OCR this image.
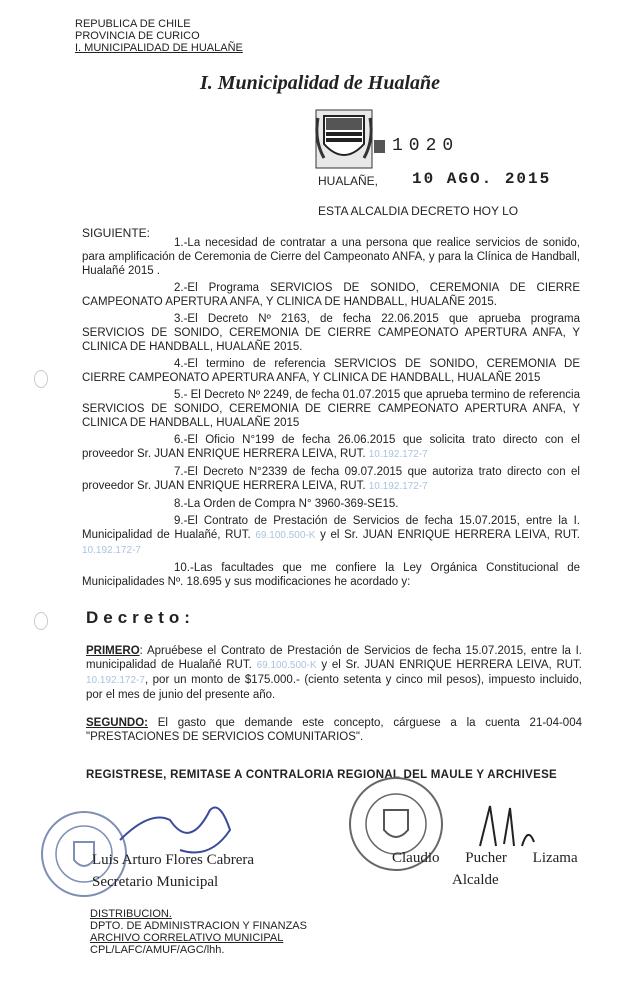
REPUBLICA DE CHILE
PROVINCIA DE CURICO
I. MUNICIPALIDAD DE HUALAÑE
I. Municipalidad de Hualañe
1020
HUALAÑE, 10 AGO. 2015
ESTA ALCALDIA DECRETO HOY LO
SIGUIENTE:

1.-La necesidad de contratar a una persona que realice servicios de sonido, para amplificación de Ceremonia de Cierre del Campeonato ANFA, y para la Clínica de Handball, Hualañé 2015 .

2.-El Programa SERVICIOS DE SONIDO, CEREMONIA DE CIERRE CAMPEONATO APERTURA ANFA, Y CLINICA DE HANDBALL, HUALAÑE 2015.

3.-El Decreto Nº 2163, de fecha 22.06.2015 que aprueba programa SERVICIOS DE SONIDO, CEREMONIA DE CIERRE CAMPEONATO APERTURA ANFA, Y CLINICA DE HANDBALL, HUALAÑE 2015.

4.-El termino de referencia SERVICIOS DE SONIDO, CEREMONIA DE CIERRE CAMPEONATO APERTURA ANFA, Y CLINICA DE HANDBALL, HUALAÑE 2015

5.- El Decreto Nº 2249, de fecha 01.07.2015 que aprueba termino de referencia SERVICIOS DE SONIDO, CEREMONIA DE CIERRE CAMPEONATO APERTURA ANFA, Y CLINICA DE HANDBALL, HUALAÑE 2015

6.-El Oficio N°199 de fecha 26.06.2015 que solicita trato directo con el proveedor Sr. JUAN ENRIQUE HERRERA LEIVA, RUT. 10.192.172-7

7.-El Decreto N°2339 de fecha 09.07.2015 que autoriza trato directo con el proveedor Sr. JUAN ENRIQUE HERRERA LEIVA, RUT. 10.192.172-7

8.-La Orden de Compra N° 3960-369-SE15.

9.-El Contrato de Prestación de Servicios de fecha 15.07.2015, entre la I. Municipalidad de Hualañé, RUT. 69.100.500-K y el Sr. JUAN ENRIQUE HERRERA LEIVA, RUT. 10.192.172-7

10.-Las facultades que me confiere la Ley Orgánica Constitucional de Municipalidades Nº. 18.695 y sus modificaciones he acordado y:

Decreto:
PRIMERO: Apruébese el Contrato de Prestación de Servicios de fecha 15.07.2015, entre la I. municipalidad de Hualañé RUT. 69.100.500-K y el Sr. JUAN ENRIQUE HERRERA LEIVA, RUT. 10.192.172-7, por un monto de $175.000.- (ciento setenta y cinco mil pesos), impuesto incluido, por el mes de junio del presente año.
SEGUNDO: El gasto que demande este concepto, cárguese a la cuenta 21-04-004 "PRESTACIONES DE SERVICIOS COMUNITARIOS".
REGISTRESE, REMITASE A CONTRALORIA REGIONAL DEL MAULE Y ARCHIVESE
Luis Arturo Flores Cabrera
Secretario Municipal
Claudio Pucher Lizama
Alcalde
DISTRIBUCION.
DPTO. DE ADMINISTRACION Y FINANZAS
ARCHIVO CORRELATIVO MUNICIPAL
CPL/LAFC/AMUF/AGC/lhh.
